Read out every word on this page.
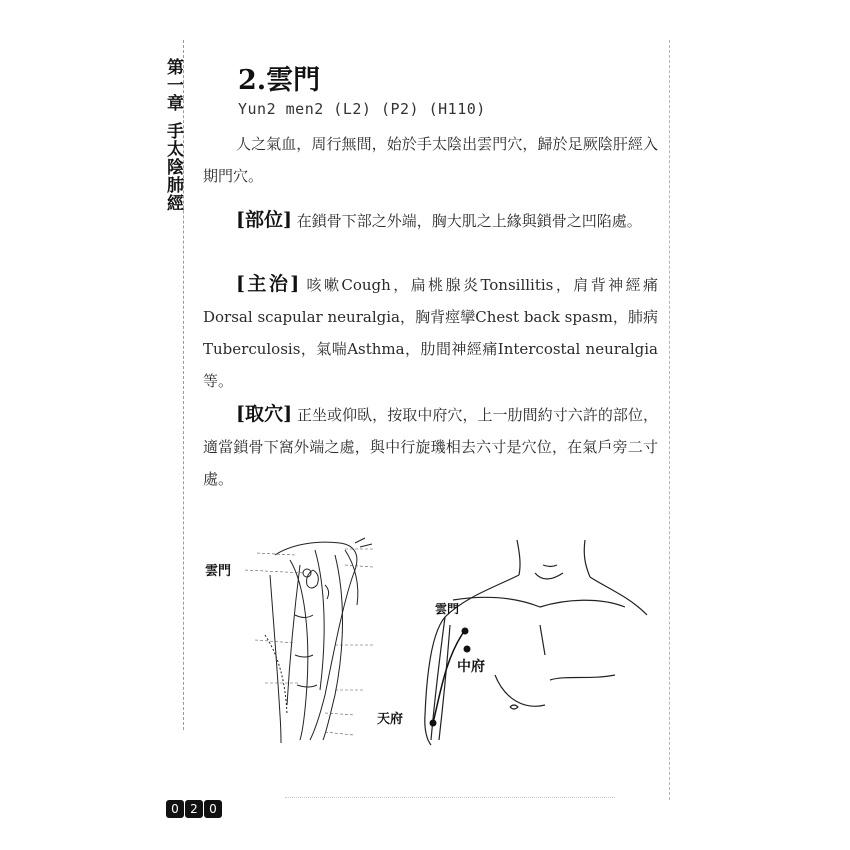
第一章手太陰肺經
2.雲門
Yun2 men2 (L2) (P2) (H110)
人之氣血，周行無間，始於手太陰出雲門穴，歸於足厥陰肝經入期門穴。
[部位] 在鎖骨下部之外端，胸大肌之上緣與鎖骨之凹陷處。
[主治] 咳嗽Cough，扁桃腺炎Tonsillitis，肩背神經痛Dorsal scapular neuralgia，胸背痙攣Chest back spasm，肺病Tuberculosis，氣喘Asthma，肋間神經痛Intercostal neuralgia等。
[取穴] 正坐或仰臥，按取中府穴，上一肋間約寸六許的部位，適當鎖骨下窩外端之處，與中行旋璣相去六寸是穴位，在氣戶旁二寸處。
雲門
雲門
中府
天府
0 2 0
